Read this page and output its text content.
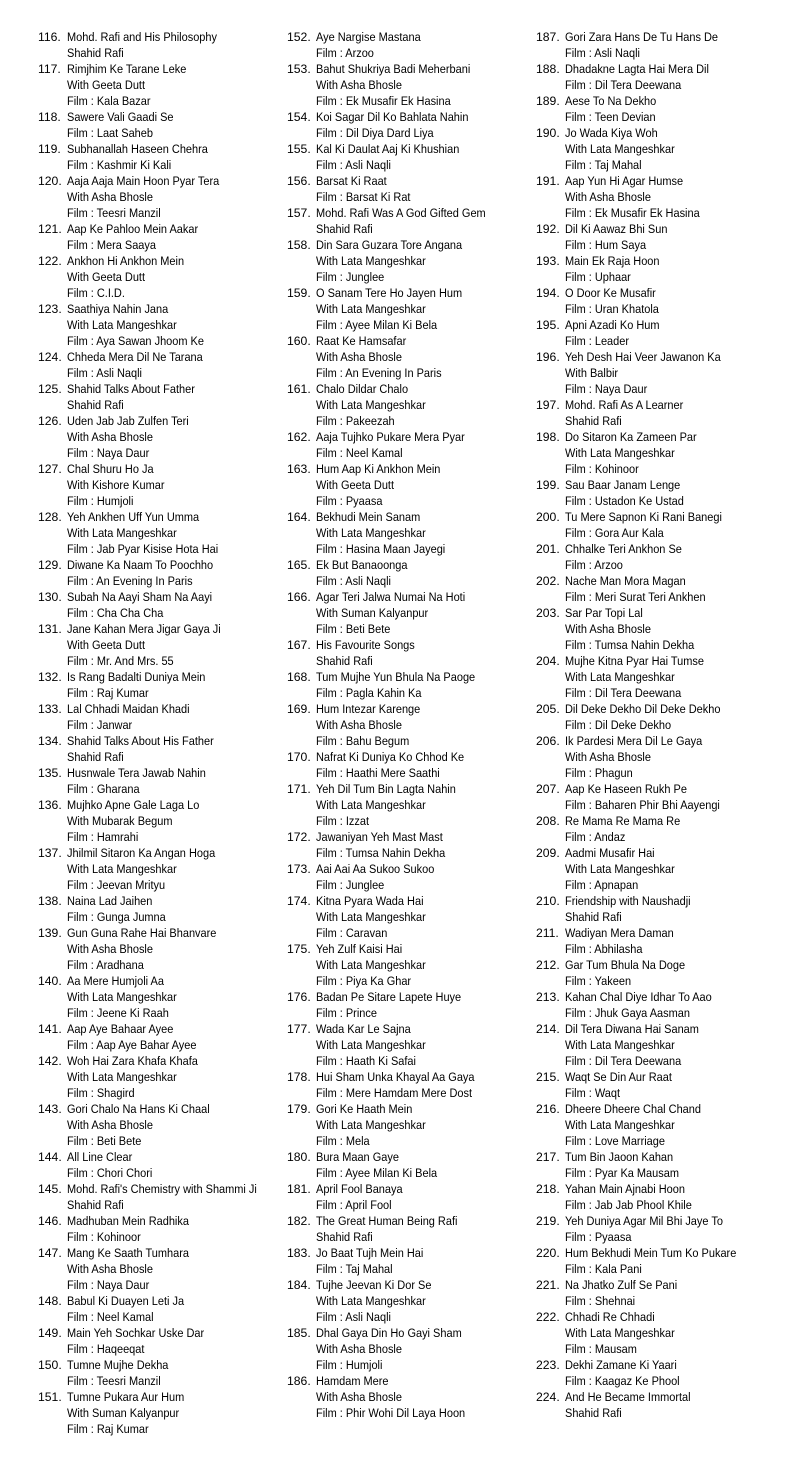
116. Mohd. Rafi and His Philosophy
Shahid Rafi
117. Rimjhim Ke Tarane Leke
With Geeta Dutt
Film : Kala Bazar
118. Sawere Vali Gaadi Se
Film : Laat Saheb
119. Subhanallah Haseen Chehra
Film : Kashmir Ki Kali
120. Aaja Aaja Main Hoon Pyar Tera
With Asha Bhosle
Film : Teesri Manzil
121. Aap Ke Pahloo Mein Aakar
Film : Mera Saaya
122. Ankhon Hi Ankhon Mein
With Geeta Dutt
Film : C.I.D.
123. Saathiya Nahin Jana
With Lata Mangeshkar
Film : Aya Sawan Jhoom Ke
124. Chheda Mera Dil Ne Tarana
Film : Asli Naqli
125. Shahid Talks About Father
Shahid Rafi
126. Uden Jab Jab Zulfen Teri
With Asha Bhosle
Film : Naya Daur
127. Chal Shuru Ho Ja
With Kishore Kumar
Film : Humjoli
128. Yeh Ankhen Uff Yun Umma
With Lata Mangeshkar
Film : Jab Pyar Kisise Hota Hai
129. Diwane Ka Naam To Poochho
Film : An Evening In Paris
130. Subah Na Aayi Sham Na Aayi
Film : Cha Cha Cha
131. Jane Kahan Mera Jigar Gaya Ji
With Geeta Dutt
Film : Mr. And Mrs. 55
132. Is Rang Badalti Duniya Mein
Film : Raj Kumar
133. Lal Chhadi Maidan Khadi
Film : Janwar
134. Shahid Talks About His Father
Shahid Rafi
135. Husnwale Tera Jawab Nahin
Film : Gharana
136. Mujhko Apne Gale Laga Lo
With Mubarak Begum
Film : Hamrahi
137. Jhilmil Sitaron Ka Angan Hoga
With Lata Mangeshkar
Film : Jeevan Mrityu
138. Naina Lad Jaihen
Film : Gunga Jumna
139. Gun Guna Rahe Hai Bhanvare
With Asha Bhosle
Film : Aradhana
140. Aa Mere Humjoli Aa
With Lata Mangeshkar
Film : Jeene Ki Raah
141. Aap Aye Bahaar Ayee
Film : Aap Aye Bahar Ayee
142. Woh Hai Zara Khafa Khafa
With Lata Mangeshkar
Film : Shagird
143. Gori Chalo Na Hans Ki Chaal
With Asha Bhosle
Film : Beti Bete
144. All Line Clear
Film : Chori Chori
145. Mohd. Rafi's Chemistry with Shammi Ji
Shahid Rafi
146. Madhuban Mein Radhika
Film : Kohinoor
147. Mang Ke Saath Tumhara
With Asha Bhosle
Film : Naya Daur
148. Babul Ki Duayen Leti Ja
Film : Neel Kamal
149. Main Yeh Sochkar Uske Dar
Film : Haqeeqat
150. Tumne Mujhe Dekha
Film : Teesri Manzil
151. Tumne Pukara Aur Hum
With Suman Kalyanpur
Film : Raj Kumar
152. Aye Nargise Mastana
Film : Arzoo
153. Bahut Shukriya Badi Meherbani
With Asha Bhosle
Film : Ek Musafir Ek Hasina
154. Koi Sagar Dil Ko Bahlata Nahin
Film : Dil Diya Dard Liya
155. Kal Ki Daulat Aaj Ki Khushian
Film : Asli Naqli
156. Barsat Ki Raat
Film : Barsat Ki Rat
157. Mohd. Rafi Was A God Gifted Gem
Shahid Rafi
158. Din Sara Guzara Tore Angana
With Lata Mangeshkar
Film : Junglee
159. O Sanam Tere Ho Jayen Hum
With Lata Mangeshkar
Film : Ayee Milan Ki Bela
160. Raat Ke Hamsafar
With Asha Bhosle
Film : An Evening In Paris
161. Chalo Dildar Chalo
With Lata Mangeshkar
Film : Pakeezah
162. Aaja Tujhko Pukare Mera Pyar
Film : Neel Kamal
163. Hum Aap Ki Ankhon Mein
With Geeta Dutt
Film : Pyaasa
164. Bekhudi Mein Sanam
With Lata Mangeshkar
Film : Hasina Maan Jayegi
165. Ek But Banaoonga
Film : Asli Naqli
166. Agar Teri Jalwa Numai Na Hoti
With Suman Kalyanpur
Film : Beti Bete
167. His Favourite Songs
Shahid Rafi
168. Tum Mujhe Yun Bhula Na Paoge
Film : Pagla Kahin Ka
169. Hum Intezar Karenge
With Asha Bhosle
Film : Bahu Begum
170. Nafrat Ki Duniya Ko Chhod Ke
Film : Haathi Mere Saathi
171. Yeh Dil Tum Bin Lagta Nahin
With Lata Mangeshkar
Film : Izzat
172. Jawaniyan Yeh Mast Mast
Film : Tumsa Nahin Dekha
173. Aai Aai Aa Sukoo Sukoo
Film : Junglee
174. Kitna Pyara Wada Hai
With Lata Mangeshkar
Film : Caravan
175. Yeh Zulf Kaisi Hai
With Lata Mangeshkar
Film : Piya Ka Ghar
176. Badan Pe Sitare Lapete Huye
Film : Prince
177. Wada Kar Le Sajna
With Lata Mangeshkar
Film : Haath Ki Safai
178. Hui Sham Unka Khayal Aa Gaya
Film : Mere Hamdam Mere Dost
179. Gori Ke Haath Mein
With Lata Mangeshkar
Film : Mela
180. Bura Maan Gaye
Film : Ayee Milan Ki Bela
181. April Fool Banaya
Film : April Fool
182. The Great Human Being Rafi
Shahid Rafi
183. Jo Baat Tujh Mein Hai
Film : Taj Mahal
184. Tujhe Jeevan Ki Dor Se
With Lata Mangeshkar
Film : Asli Naqli
185. Dhal Gaya Din Ho Gayi Sham
With Asha Bhosle
Film : Humjoli
186. Hamdam Mere
With Asha Bhosle
Film : Phir Wohi Dil Laya Hoon
187. Gori Zara Hans De Tu Hans De
Film : Asli Naqli
188. Dhadakne Lagta Hai Mera Dil
Film : Dil Tera Deewana
189. Aese To Na Dekho
Film : Teen Devian
190. Jo Wada Kiya Woh
With Lata Mangeshkar
Film : Taj Mahal
191. Aap Yun Hi Agar Humse
With Asha Bhosle
Film : Ek Musafir Ek Hasina
192. Dil Ki Aawaz Bhi Sun
Film : Hum Saya
193. Main Ek Raja Hoon
Film : Uphaar
194. O Door Ke Musafir
Film : Uran Khatola
195. Apni Azadi Ko Hum
Film : Leader
196. Yeh Desh Hai Veer Jawanon Ka
With Balbir
Film : Naya Daur
197. Mohd. Rafi As A Learner
Shahid Rafi
198. Do Sitaron Ka Zameen Par
With Lata Mangeshkar
Film : Kohinoor
199. Sau Baar Janam Lenge
Film : Ustadon Ke Ustad
200. Tu Mere Sapnon Ki Rani Banegi
Film : Gora Aur Kala
201. Chhalke Teri Ankhon Se
Film : Arzoo
202. Nache Man Mora Magan
Film : Meri Surat Teri Ankhen
203. Sar Par Topi Lal
With Asha Bhosle
Film : Tumsa Nahin Dekha
204. Mujhe Kitna Pyar Hai Tumse
With Lata Mangeshkar
Film : Dil Tera Deewana
205. Dil Deke Dekho Dil Deke Dekho
Film : Dil Deke Dekho
206. Ik Pardesi Mera Dil Le Gaya
With Asha Bhosle
Film : Phagun
207. Aap Ke Haseen Rukh Pe
Film : Baharen Phir Bhi Aayengi
208. Re Mama Re Mama Re
Film : Andaz
209. Aadmi Musafir Hai
With Lata Mangeshkar
Film : Apnapan
210. Friendship with Naushadji
Shahid Rafi
211. Wadiyan Mera Daman
Film : Abhilasha
212. Gar Tum Bhula Na Doge
Film : Yakeen
213. Kahan Chal Diye Idhar To Aao
Film : Jhuk Gaya Aasman
214. Dil Tera Diwana Hai Sanam
With Lata Mangeshkar
Film : Dil Tera Deewana
215. Waqt Se Din Aur Raat
Film : Waqt
216. Dheere Dheere Chal Chand
With Lata Mangeshkar
Film : Love Marriage
217. Tum Bin Jaoon Kahan
Film : Pyar Ka Mausam
218. Yahan Main Ajnabi Hoon
Film : Jab Jab Phool Khile
219. Yeh Duniya Agar Mil Bhi Jaye To
Film : Pyaasa
220. Hum Bekhudi Mein Tum Ko Pukare
Film : Kala Pani
221. Na Jhatko Zulf Se Pani
Film : Shehnai
222. Chhadi Re Chhadi
With Lata Mangeshkar
Film : Mausam
223. Dekhi Zamane Ki Yaari
Film : Kaagaz Ke Phool
224. And He Became Immortal
Shahid Rafi
